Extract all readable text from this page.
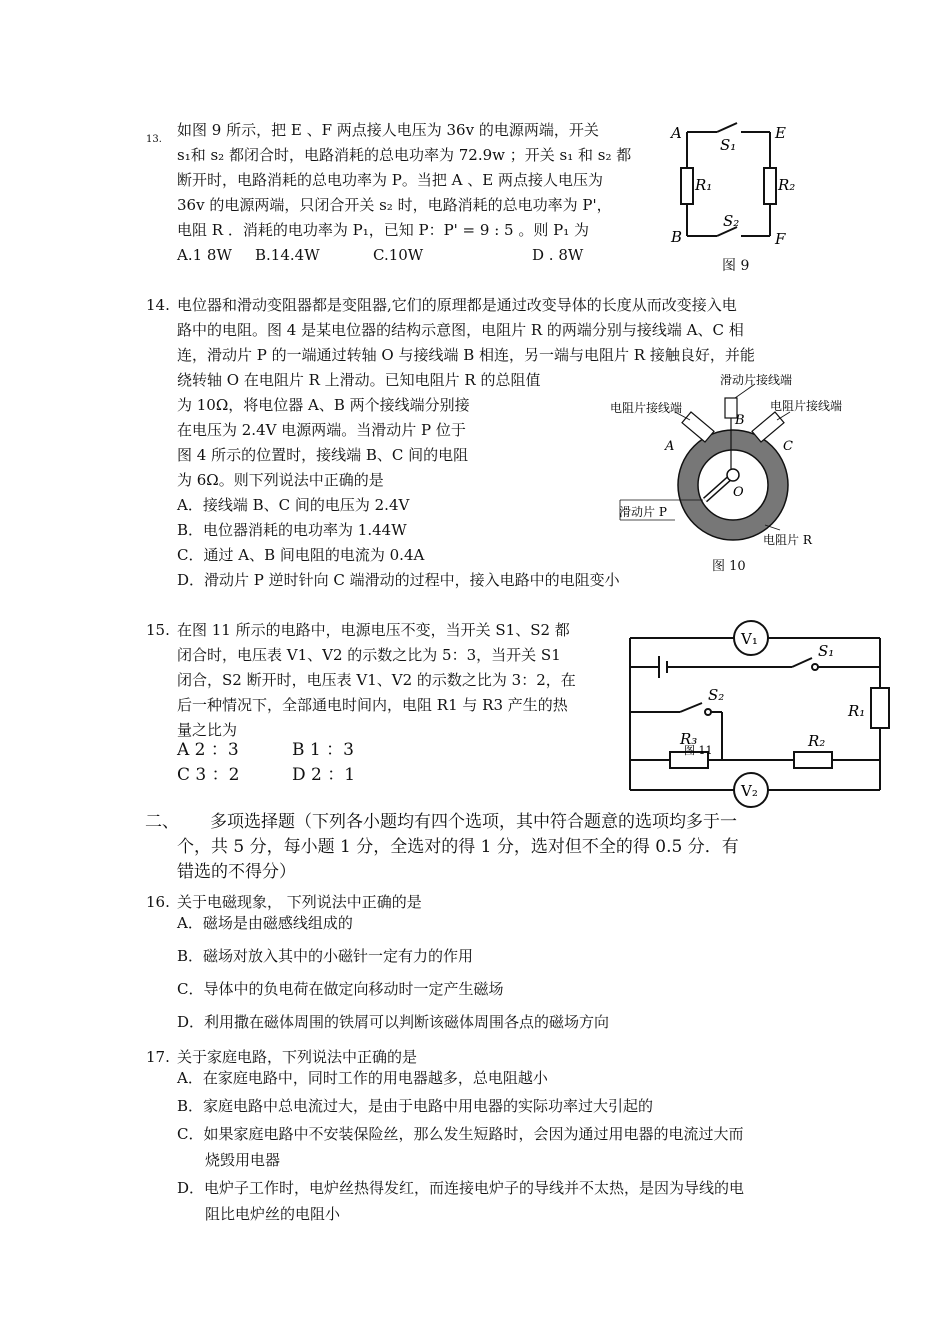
13.
如图 9 所示，把 E 、F 两点接人电压为 36v 的电源两端，开关
s₁和 s₂ 都闭合时，电路消耗的总电功率为 72.9w ；开关 s₁ 和 s₂ 都
断开时，电路消耗的总电功率为 P。当把 A 、E 两点接人电压为
36v 的电源两端，只闭合开关 s₂ 时，电路消耗的总电功率为 P'，
电阻 R ．消耗的电功率为 P₁，已知 P：P' = 9 : 5 。则 P₁ 为
A.1 8W B.14.4W	C.10W	D . 8W
A
B
E
F
S₁
S₂
R₁	R₂
图 9
14. 电位器和滑动变阻器都是变阻器,它们的原理都是通过改变导体的长度从而改变接入电
路中的电阻。图 4 是某电位器的结构示意图，电阻片 R 的两端分别与接线端 A、C 相
连，滑动片 P 的一端通过转轴 O 与接线端 B 相连，另一端与电阻片 R 接触良好，并能
绕转轴 O 在电阻片 R 上滑动。已知电阻片 R 的总阻值
为 10Ω，将电位器 A、B 两个接线端分别接
在电压为 2.4V 电源两端。当滑动片 P 位于
图 4 所示的位置时，接线端 B、C 间的电阻
为 6Ω。则下列说法中正确的是
A．接线端 B、C 间的电压为 2.4V
B．电位器消耗的电功率为 1.44W
C．通过 A、B 间电阻的电流为 0.4A
D．滑动片 P 逆时针向 C 端滑动的过程中，接入电路中的电阻变小
滑动片接线端
电阻片接线端	电阻片接线端
A
B
C
O
滑动片 P
电阻片 R
图 10
15. 在图 11 所示的电路中，电源电压不变，当开关 S1、S2 都
闭合时，电压表 V1、V2 的示数之比为 5：3，当开关 S1
闭合，S2 断开时，电压表 V1、V2 的示数之比为 3：2，在
后一种情况下，全部通电时间内，电阻 R1 与 R3 产生的热
量之比为
A 2 ：3	B 1 ：3
C 3 ：2	D 2 ：1
V₁
V₂
S₁
S₂
R₁
R₂
R₃
图 11
二、 多项选择题（下列各小题均有四个选项，其中符合题意的选项均多于一
个，共 5 分，每小题 1 分，全选对的得 1 分，选对但不全的得 0.5 分．有
错选的不得分）
16. 关于电磁现象， 下列说法中正确的是
A．磁场是由磁感线组成的
B．磁场对放入其中的小磁针一定有力的作用
C．导体中的负电荷在做定向移动时一定产生磁场
D．利用撒在磁体周围的铁屑可以判断该磁体周围各点的磁场方向
17. 关于家庭电路，下列说法中正确的是
A．在家庭电路中，同时工作的用电器越多，总电阻越小
B．家庭电路中总电流过大，是由于电路中用电器的实际功率过大引起的
C．如果家庭电路中不安装保险丝，那么发生短路时，会因为通过用电器的电流过大而
烧毁用电器
D．电炉子工作时，电炉丝热得发红，而连接电炉子的导线并不太热，是因为导线的电
阻比电炉丝的电阻小
